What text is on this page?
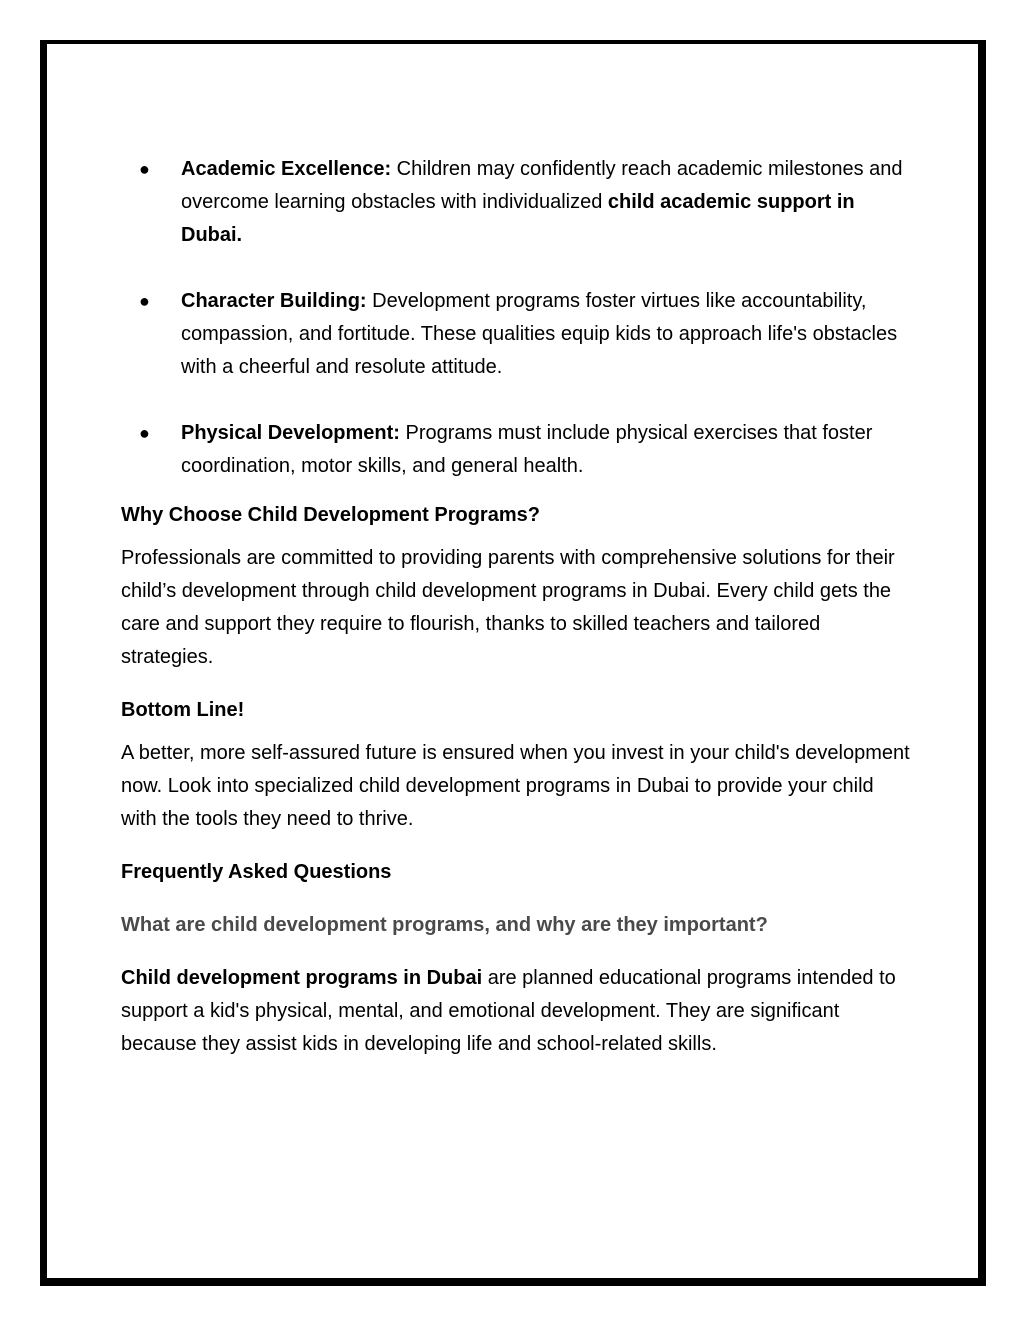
● Academic Excellence: Children may confidently reach academic milestones and overcome learning obstacles with individualized child academic support in Dubai.
● Character Building: Development programs foster virtues like accountability, compassion, and fortitude. These qualities equip kids to approach life's obstacles with a cheerful and resolute attitude.
● Physical Development: Programs must include physical exercises that foster coordination, motor skills, and general health.
Why Choose Child Development Programs?
Professionals are committed to providing parents with comprehensive solutions for their child’s development through child development programs in Dubai. Every child gets the care and support they require to flourish, thanks to skilled teachers and tailored strategies.
Bottom Line!
A better, more self-assured future is ensured when you invest in your child's development now. Look into specialized child development programs in Dubai to provide your child with the tools they need to thrive.
Frequently Asked Questions
What are child development programs, and why are they important?
Child development programs in Dubai are planned educational programs intended to support a kid's physical, mental, and emotional development. They are significant because they assist kids in developing life and school-related skills.
